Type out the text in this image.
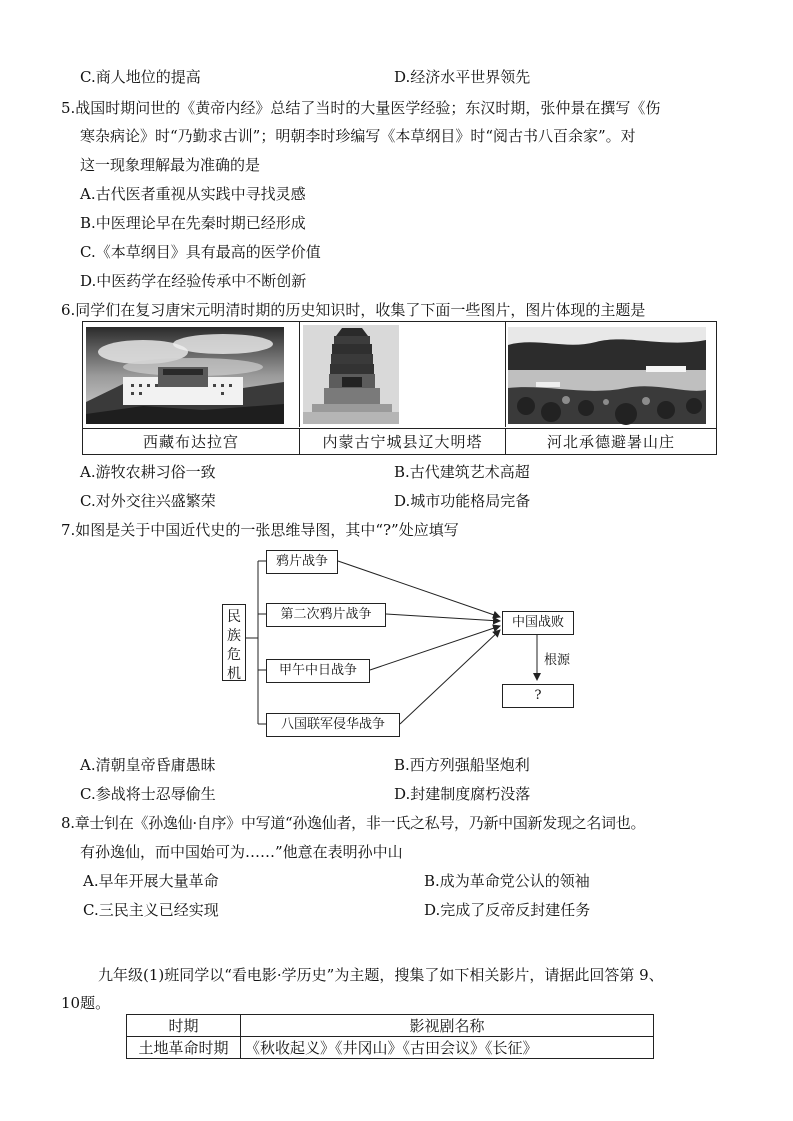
C.商人地位的提高	D.经济水平世界领先
5.战国时期问世的《黄帝内经》总结了当时的大量医学经验；东汉时期，张仲景在撰写《伤
寒杂病论》时“乃勤求古训”；明朝李时珍编写《本草纲目》时“阅古书八百余家”。对
这一现象理解最为准确的是
A.古代医者重视从实践中寻找灵感
B.中医理论早在先秦时期已经形成
C.《本草纲目》具有最高的医学价值
D.中医药学在经验传承中不断创新
6.同学们在复习唐宋元明清时期的历史知识时，收集了下面一些图片，图片体现的主题是
西藏布达拉宫	内蒙古宁城县辽大明塔	河北承德避暑山庄
A.游牧农耕习俗一致	B.古代建筑艺术高超
C.对外交往兴盛繁荣	D.城市功能格局完备
7.如图是关于中国近代史的一张思维导图，其中“?”处应填写
民族危机
鸦片战争
第二次鸦片战争
甲午中日战争
八国联军侵华战争
中国战败
根源
?
A.清朝皇帝昏庸愚昧	B.西方列强船坚炮利
C.参战将士忍辱偷生	D.封建制度腐朽没落
8.章士钊在《孙逸仙·自序》中写道“孙逸仙者，非一氏之私号，乃新中国新发现之名词也。
有孙逸仙，而中国始可为……”他意在表明孙中山
A.早年开展大量革命	B.成为革命党公认的领袖
C.三民主义已经实现	D.完成了反帝反封建任务
九年级(1)班同学以“看电影·学历史”为主题，搜集了如下相关影片，请据此回答第 9、
10题。
时期	影视剧名称
土地革命时期	《秋收起义》《井冈山》《古田会议》《长征》
